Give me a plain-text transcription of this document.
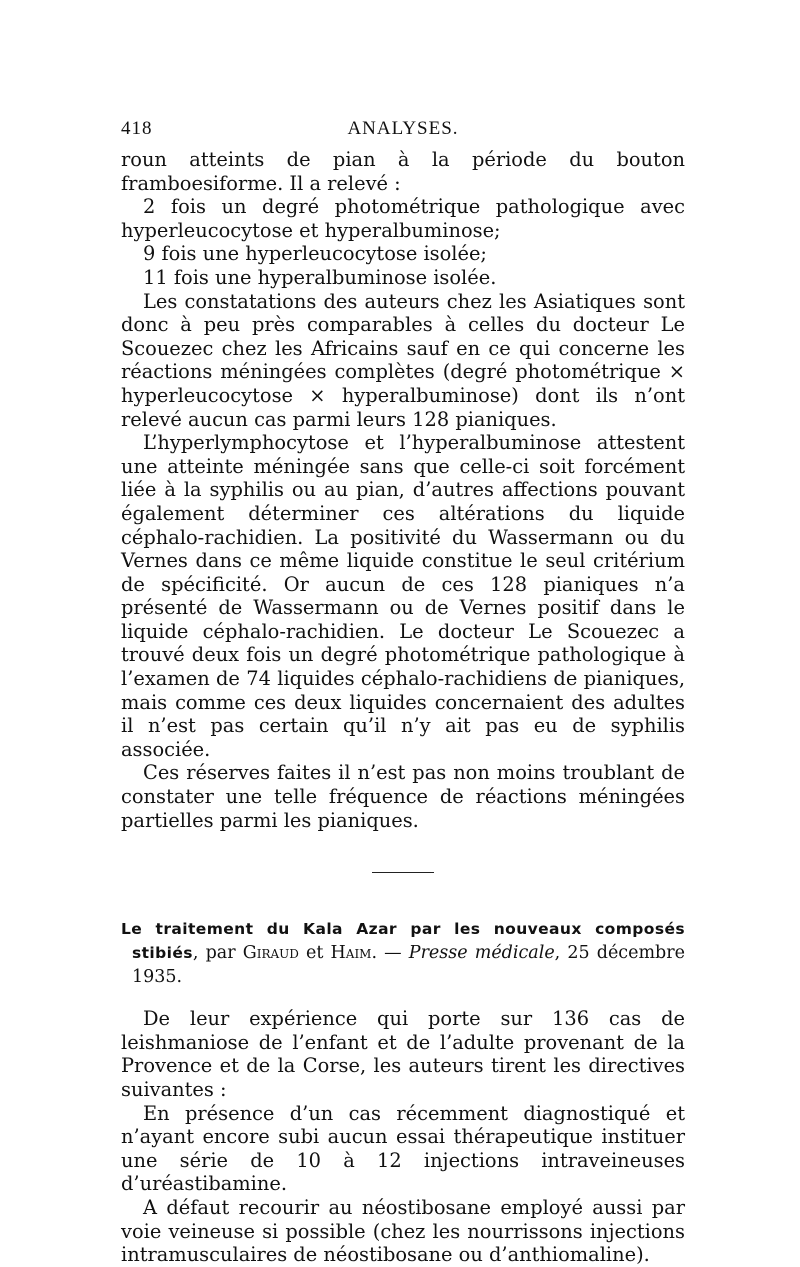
418	ANALYSES.

roun atteints de pian à la période du bouton framboesiforme. Il a relevé :

2 fois un degré photométrique pathologique avec hyperleucocytose et hyperalbuminose;

9 fois une hyperleucocytose isolée;

11 fois une hyperalbuminose isolée.

Les constatations des auteurs chez les Asiatiques sont donc à peu près comparables à celles du docteur Le Scouezec chez les Africains sauf en ce qui concerne les réactions méningées complètes (degré photométrique × hyperleucocytose × hyperalbuminose) dont ils n’ont relevé aucun cas parmi leurs 128 pianiques.

L’hyperlymphocytose et l’hyperalbuminose attestent une atteinte méningée sans que celle-ci soit forcément liée à la syphilis ou au pian, d’autres affections pouvant également déterminer ces altérations du liquide céphalo-rachidien. La positivité du Wassermann ou du Vernes dans ce même liquide constitue le seul critérium de spécificité. Or aucun de ces 128 pianiques n’a présenté de Wassermann ou de Vernes positif dans le liquide céphalo-rachidien. Le docteur Le Scouezec a trouvé deux fois un degré photométrique pathologique à l’examen de 74 liquides céphalo-rachidiens de pianiques, mais comme ces deux liquides concernaient des adultes il n’est pas certain qu’il n’y ait pas eu de syphilis associée.

Ces réserves faites il n’est pas non moins troublant de constater une telle fréquence de réactions méningées partielles parmi les pianiques.

Le traitement du Kala Azar par les nouveaux composés stibiés, par Giraud et Haim. — Presse médicale, 25 décembre 1935.

De leur expérience qui porte sur 136 cas de leishmaniose de l’enfant et de l’adulte provenant de la Provence et de la Corse, les auteurs tirent les directives suivantes :

En présence d’un cas récemment diagnostiqué et n’ayant encore subi aucun essai thérapeutique instituer une série de 10 à 12 injections intraveineuses d’uréastibamine.

A défaut recourir au néostibosane employé aussi par voie veineuse si possible (chez les nourrissons injections intramusculaires de néostibosane ou d’anthiomaline).
